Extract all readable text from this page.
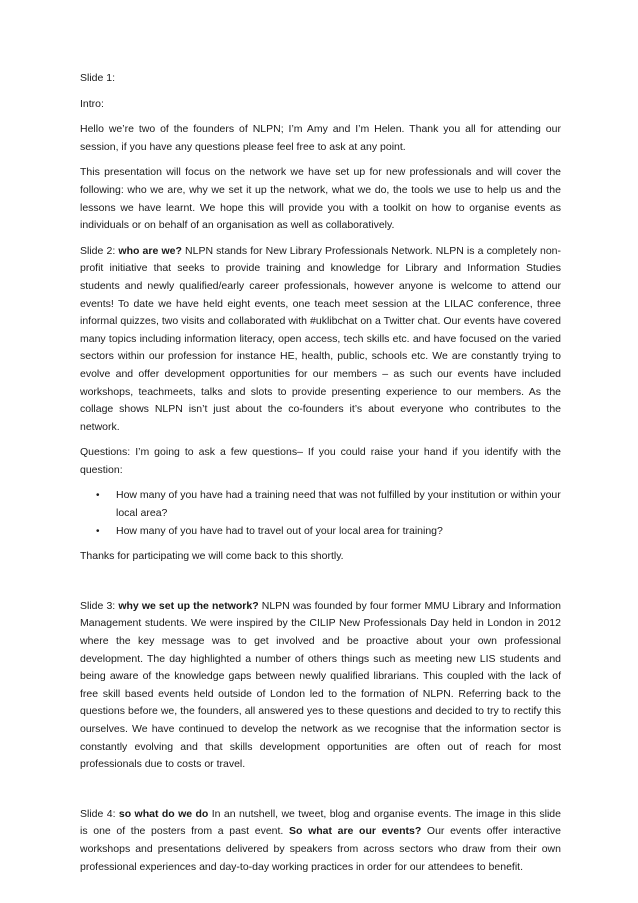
Slide 1:

Intro:

Hello we’re two of the founders of NLPN; I’m Amy and I’m Helen. Thank you all for attending our session, if you have any questions please feel free to ask at any point.

This presentation will focus on the network we have set up for new professionals and will cover the following: who we are, why we set it up the network, what we do, the tools we use to help us and the lessons we have learnt. We hope this will provide you with a toolkit on how to organise events as individuals or on behalf of an organisation as well as collaboratively.

Slide 2: who are we? NLPN stands for New Library Professionals Network. NLPN is a completely non-profit initiative that seeks to provide training and knowledge for Library and Information Studies students and newly qualified/early career professionals, however anyone is welcome to attend our events! To date we have held eight events, one teach meet session at the LILAC conference, three informal quizzes, two visits and collaborated with #uklibchat on a Twitter chat. Our events have covered many topics including information literacy, open access, tech skills etc. and have focused on the varied sectors within our profession for instance HE, health, public, schools etc. We are constantly trying to evolve and offer development opportunities for our members – as such our events have included workshops, teachmeets, talks and slots to provide presenting experience to our members. As the collage shows NLPN isn’t just about the co-founders it’s about everyone who contributes to the network.

Questions: I’m going to ask a few questions– If you could raise your hand if you identify with the question:

• How many of you have had a training need that was not fulfilled by your institution or within your local area?
• How many of you have had to travel out of your local area for training?

Thanks for participating we will come back to this shortly.

Slide 3: why we set up the network? NLPN was founded by four former MMU Library and Information Management students. We were inspired by the CILIP New Professionals Day held in London in 2012 where the key message was to get involved and be proactive about your own professional development. The day highlighted a number of others things such as meeting new LIS students and being aware of the knowledge gaps between newly qualified librarians. This coupled with the lack of free skill based events held outside of London led to the formation of NLPN. Referring back to the questions before we, the founders, all answered yes to these questions and decided to try to rectify this ourselves. We have continued to develop the network as we recognise that the information sector is constantly evolving and that skills development opportunities are often out of reach for most professionals due to costs or travel.

Slide 4: so what do we do In an nutshell, we tweet, blog and organise events. The image in this slide is one of the posters from a past event. So what are our events? Our events offer interactive workshops and presentations delivered by speakers from across sectors who draw from their own professional experiences and day-to-day working practices in order for our attendees to benefit.
